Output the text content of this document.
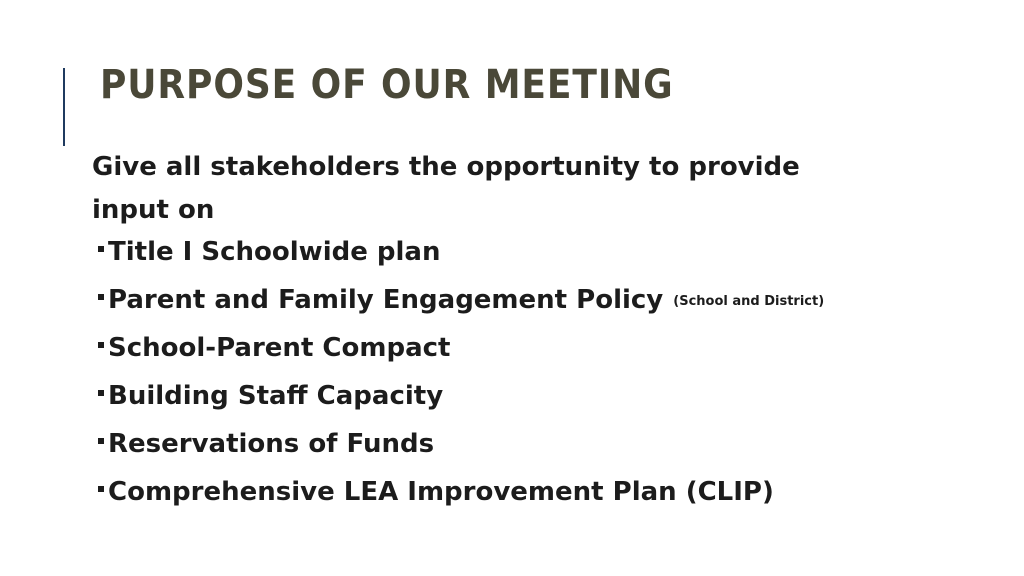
PURPOSE OF OUR MEETING
Give all stakeholders the opportunity to provide
input on
Title I Schoolwide plan
Parent and Family Engagement Policy (School and District)
School-Parent Compact
Building Staff Capacity
Reservations of Funds
Comprehensive LEA Improvement Plan (CLIP)
